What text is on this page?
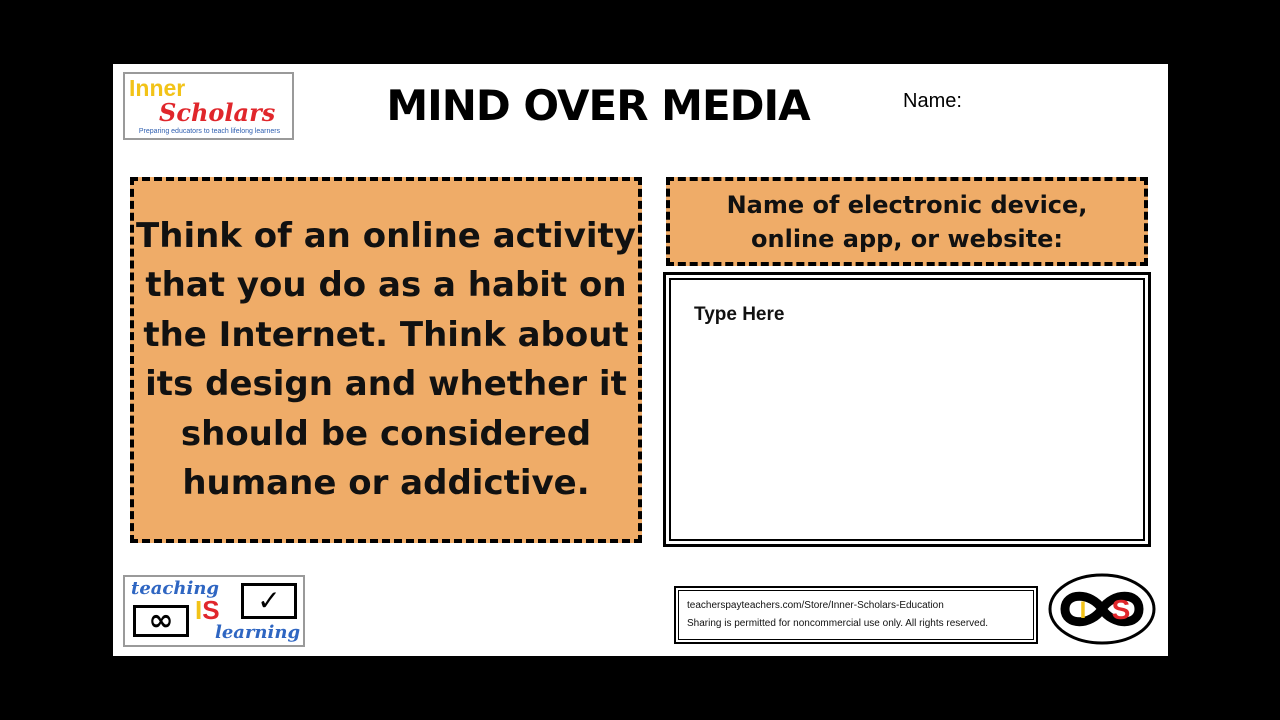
Inner
Scholars
Preparing educators to teach lifelong learners
MIND OVER MEDIA	Name:
Think of an online activity that you do as a habit on the Internet. Think about its design and whether it should be considered humane or addictive.
Name of electronic device,
online app, or website:
Type Here
teaching
∞ IS	✓
learning
teacherspayteachers.com/Store/Inner-Scholars-Education
Sharing is permitted for noncommercial use only. All rights reserved.	I S
